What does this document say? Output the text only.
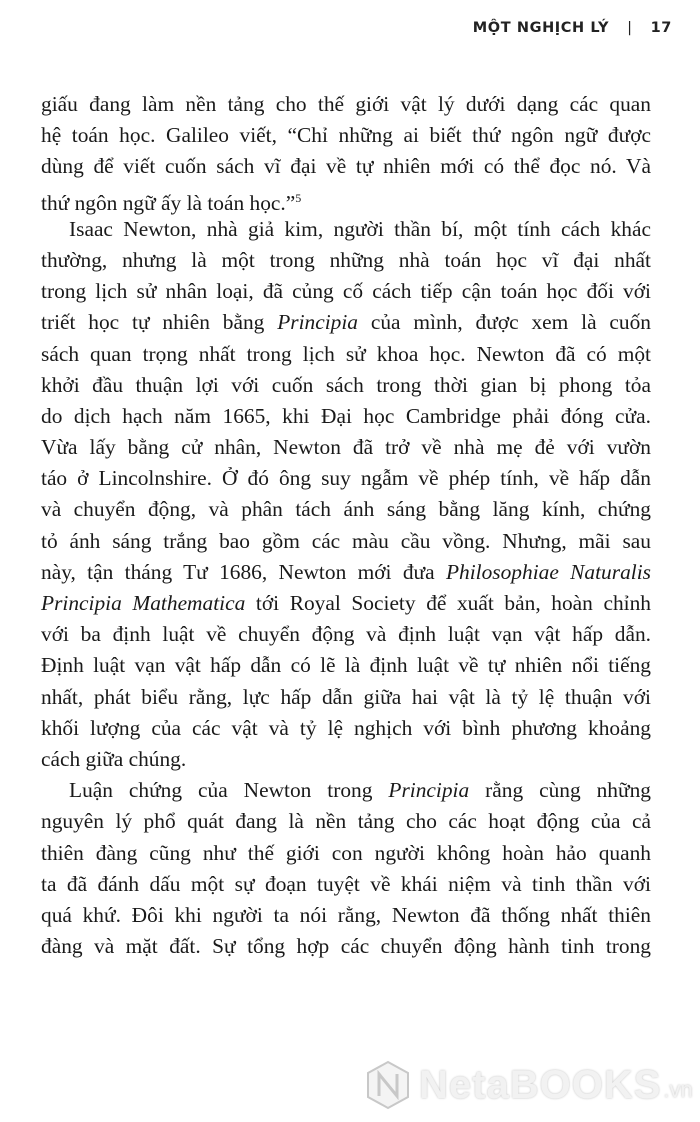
MỘT NGHỊCH LÝ | 17
giấu đang làm nền tảng cho thế giới vật lý dưới dạng các quan
hệ toán học. Galileo viết, “Chỉ những ai biết thứ ngôn ngữ được
dùng để viết cuốn sách vĩ đại về tự nhiên mới có thể đọc nó. Và
thứ ngôn ngữ ấy là toán học.”$^5$
Isaac Newton, nhà giả kim, người thần bí, một tính cách khác
thường, nhưng là một trong những nhà toán học vĩ đại nhất
trong lịch sử nhân loại, đã củng cố cách tiếp cận toán học đối với
triết học tự nhiên bằng Principia của mình, được xem là cuốn
sách quan trọng nhất trong lịch sử khoa học. Newton đã có một
khởi đầu thuận lợi với cuốn sách trong thời gian bị phong tỏa
do dịch hạch năm 1665, khi Đại học Cambridge phải đóng cửa.
Vừa lấy bằng cử nhân, Newton đã trở về nhà mẹ đẻ với vườn
táo ở Lincolnshire. Ở đó ông suy ngẫm về phép tính, về hấp dẫn
và chuyển động, và phân tách ánh sáng bằng lăng kính, chứng
tỏ ánh sáng trắng bao gồm các màu cầu vồng. Nhưng, mãi sau
này, tận tháng Tư 1686, Newton mới đưa Philosophiae Naturalis
Principia Mathematica tới Royal Society để xuất bản, hoàn chỉnh
với ba định luật về chuyển động và định luật vạn vật hấp dẫn.
Định luật vạn vật hấp dẫn có lẽ là định luật về tự nhiên nổi tiếng
nhất, phát biểu rằng, lực hấp dẫn giữa hai vật là tỷ lệ thuận với
khối lượng của các vật và tỷ lệ nghịch với bình phương khoảng
cách giữa chúng.
Luận chứng của Newton trong Principia rằng cùng những
nguyên lý phổ quát đang là nền tảng cho các hoạt động của cả
thiên đàng cũng như thế giới con người không hoàn hảo quanh
ta đã đánh dấu một sự đoạn tuyệt về khái niệm và tinh thần với
quá khứ. Đôi khi người ta nói rằng, Newton đã thống nhất thiên
đàng và mặt đất. Sự tổng hợp các chuyển động hành tinh trong
NetaBOOKS .vn
